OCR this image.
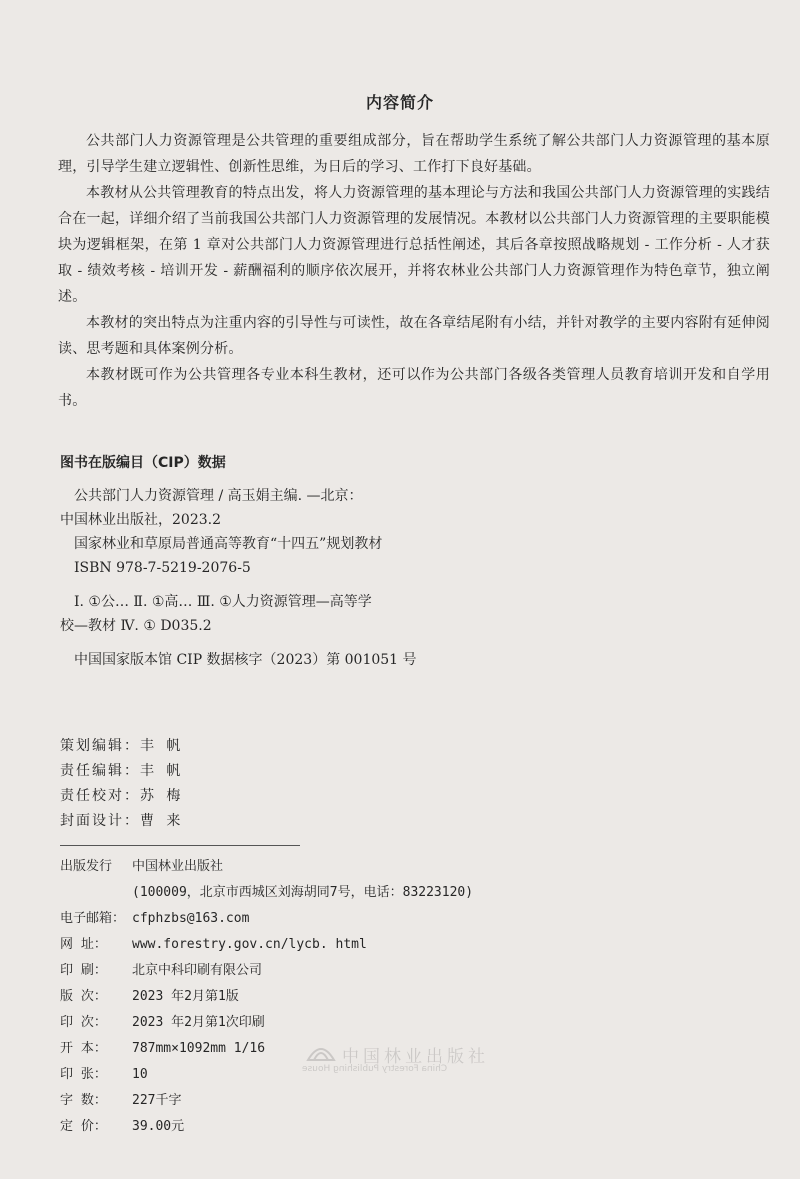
内容简介

公共部门人力资源管理是公共管理的重要组成部分，旨在帮助学生系统了解公共部门人力资源管理的基本原理，引导学生建立逻辑性、创新性思维，为日后的学习、工作打下良好基础。

本教材从公共管理教育的特点出发，将人力资源管理的基本理论与方法和我国公共部门人力资源管理的实践结合在一起，详细介绍了当前我国公共部门人力资源管理的发展情况。本教材以公共部门人力资源管理的主要职能模块为逻辑框架，在第 1 章对公共部门人力资源管理进行总括性阐述，其后各章按照战略规划 - 工作分析 - 人才获取 - 绩效考核 - 培训开发 - 薪酬福利的顺序依次展开，并将农林业公共部门人力资源管理作为特色章节，独立阐述。

本教材的突出特点为注重内容的引导性与可读性，故在各章结尾附有小结，并针对教学的主要内容附有延伸阅读、思考题和具体案例分析。

本教材既可作为公共管理各专业本科生教材，还可以作为公共部门各级各类管理人员教育培训开发和自学用书。

图书在版编目（CIP）数据
公共部门人力资源管理 / 高玉娟主编. —北京：
中国林业出版社，2023.2
国家林业和草原局普通高等教育“十四五”规划教材
ISBN 978-7-5219-2076-5
Ⅰ. ①公… Ⅱ. ①高… Ⅲ. ①人力资源管理—高等学
校—教材 Ⅳ. ① D035.2
中国国家版本馆 CIP 数据核字（2023）第 001051 号
策划编辑：丰 帆
责任编辑：丰 帆
责任校对：苏 梅
封面设计：曹 来
出版发行	中国林业出版社
(100009，北京市西城区刘海胡同7号，电话：83223120)
电子邮箱： cfphzbs@163.com
网 址：	www.forestry.gov.cn/lycb. html
印 刷：	北京中科印刷有限公司
版 次：	2023 年2月第1版
印 次：	2023 年2月第1次印刷
开 本：	787mm×1092mm 1/16
印 张：	10
字 数：	227千字
定 价：	39.00元
中国林业出版社
China Forestry Publishing House
